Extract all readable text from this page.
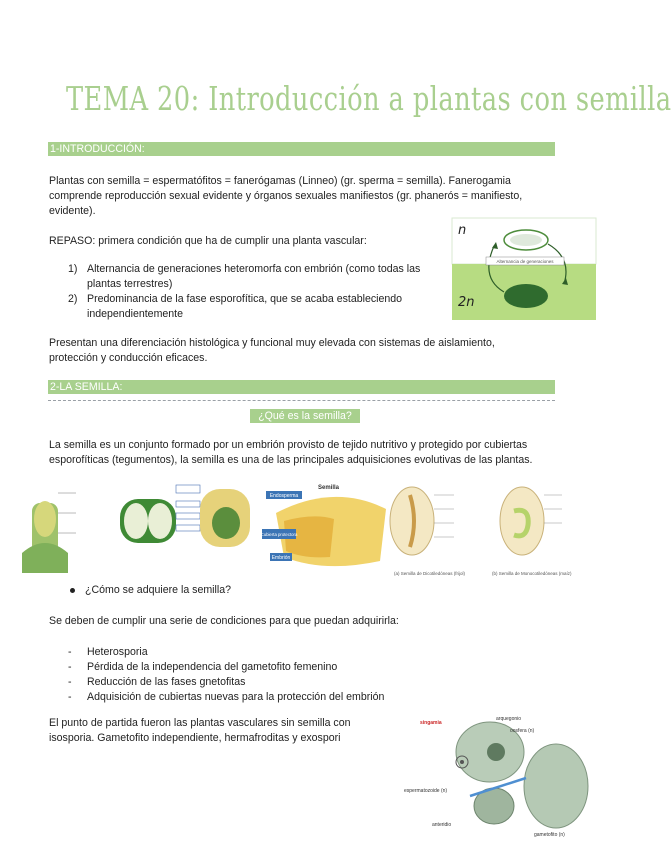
TEMA 20: Introducción a plantas con semilla
1-INTRODUCCIÓN:
Plantas con semilla = espermatófitos = fanerógamas (Linneo) (gr. sperma = semilla). Fanerogamia
comprende reproducción sexual evidente y órganos sexuales manifiestos (gr. phanerós = manifiesto,
evidente).
REPASO: primera condición que ha de cumplir una planta vascular:
1) Alternancia de generaciones heteromorfa con embrión (como todas las
plantas terrestres)
2) Predominancia de la fase esporofítica, que se acaba estableciendo
independientemente
Alternancia de generaciones
n
2n
Presentan una diferenciación histológica y funcional muy elevada con sistemas de aislamiento,
protección y conducción eficaces.
2-LA SEMILLA:
¿Qué es la semilla?
La semilla es un conjunto formado por un embrión provisto de tejido nutritivo y protegido por cubiertas
esporofíticas (tegumentos), la semilla es una de las principales adquisiciones evolutivas de las plantas.
Endosperma
Semilla
Cubierta protectora
Embrión
(a) Semilla de Dicotiledóneas (frijol)	(b) Semilla de Monocotiledóneas (maíz)
¿Cómo se adquiere la semilla?
Se deben de cumplir una serie de condiciones para que puedan adquirirla:
- Heterosporia
- Pérdida de la independencia del gametofito femenino
- Reducción de las fases gnetofitas
- Adquisición de cubiertas nuevas para la protección del embrión
El punto de partida fueron las plantas vasculares sin semilla con
isosporia. Gametofito independiente, hermafroditas y exospori
singamia
arquegonio
oosfera (n)
espermatozoide (n)
anteridio
gametofito (n)
